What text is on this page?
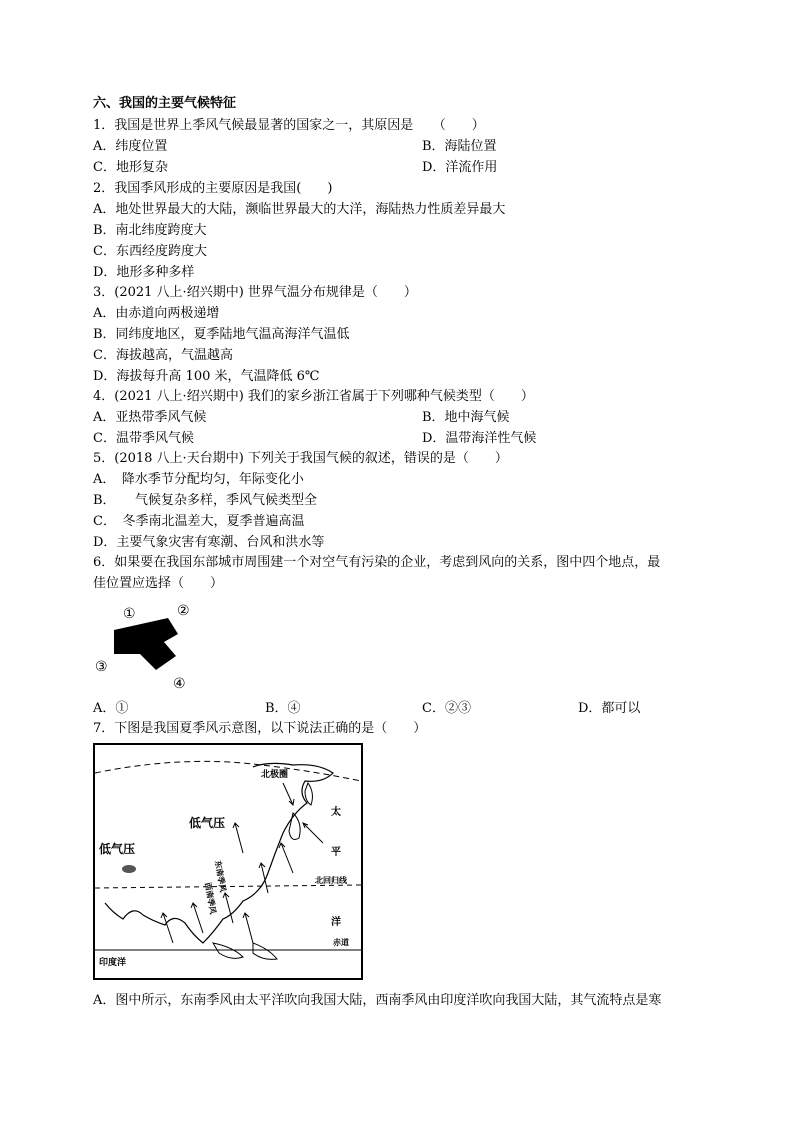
六、我国的主要气候特征
1．我国是世界上季风气候最显著的国家之一，其原因是　　（　　）
A．纬度位置	B．海陆位置
C．地形复杂	D．洋流作用
2．我国季风形成的主要原因是我国(　　)
A．地处世界最大的大陆，濒临世界最大的大洋，海陆热力性质差异最大
B．南北纬度跨度大
C．东西经度跨度大
D．地形多种多样
3．(2021 八上·绍兴期中) 世界气温分布规律是（　　）
A．由赤道向两极递增
B．同纬度地区，夏季陆地气温高海洋气温低
C．海拔越高，气温越高
D．海拔每升高 100 米，气温降低 6℃
4．(2021 八上·绍兴期中) 我们的家乡浙江省属于下列哪种气候类型（　　）
A．亚热带季风气候	B．地中海气候
C．温带季风气候	D．温带海洋性气候
5．(2018 八上·天台期中) 下列关于我国气候的叙述，错误的是（　　）
A．　降水季节分配均匀，年际变化小
B．　　气候复杂多样，季风气候类型全
C．　冬季南北温差大，夏季普遍高温
D．主要气象灾害有寒潮、台风和洪水等
6．如果要在我国东部城市周围建一个对空气有污染的企业，考虑到风向的关系，图中四个地点，最
佳位置应选择（　　）
①	②
③
④
A．①	B．④	C．②③	D．都可以
7．下图是我国夏季风示意图，以下说法正确的是（　　）
北极圈
低气压
低气压
东南季风
西南季风
太
平
洋
北回归线
赤道
印度洋
A．图中所示，东南季风由太平洋吹向我国大陆，西南季风由印度洋吹向我国大陆，其气流特点是寒
